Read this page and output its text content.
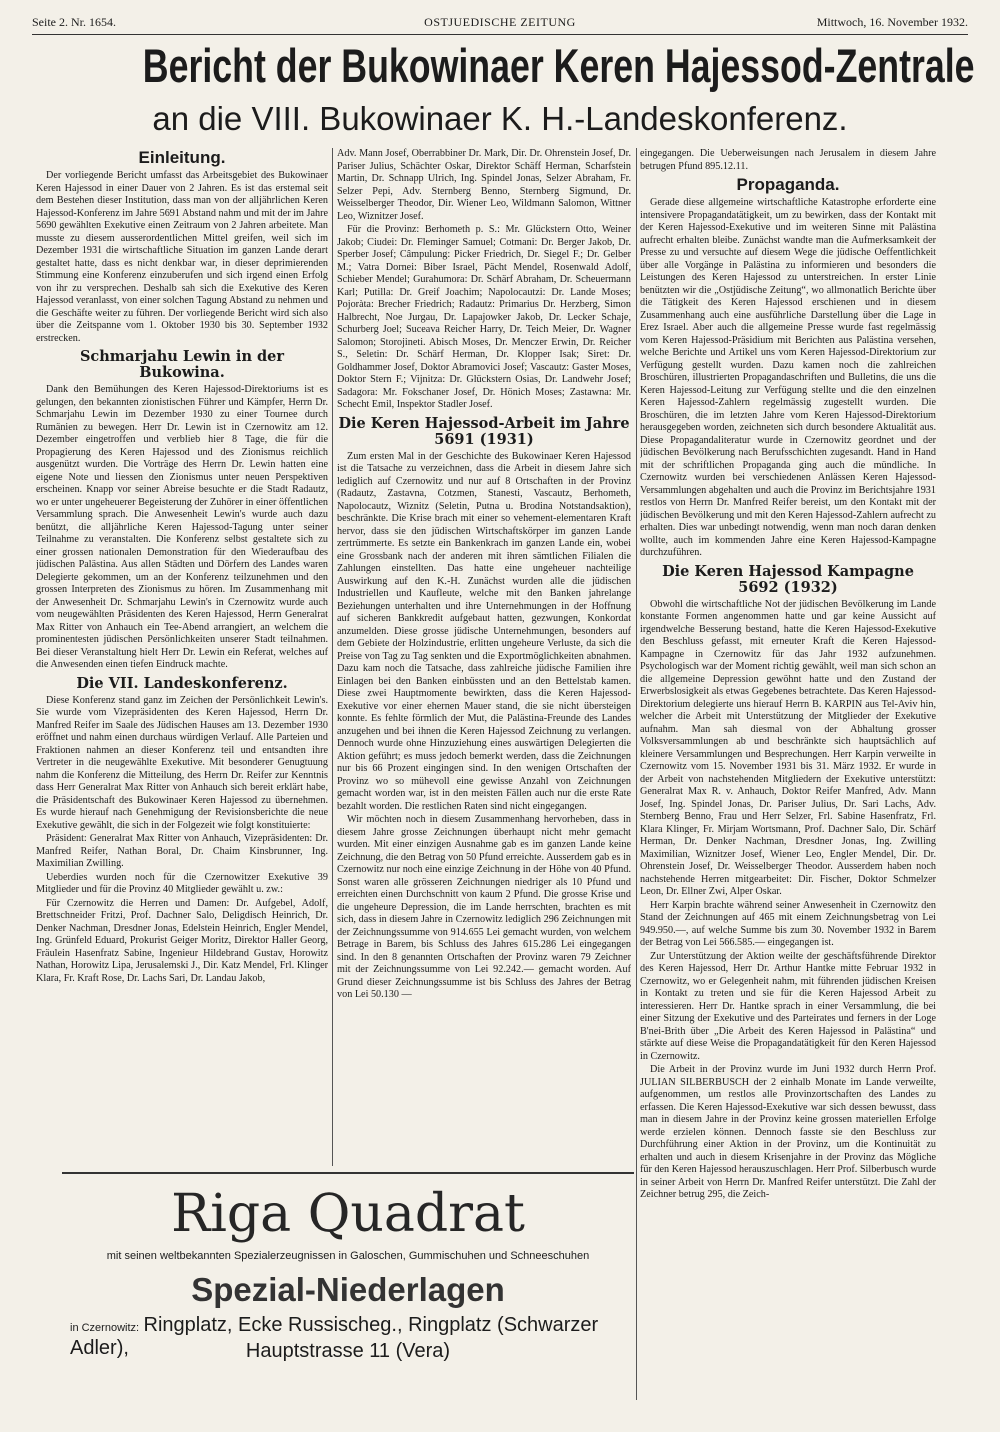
Seite 2. Nr. 1654.	OSTJUEDISCHE ZEITUNG	Mittwoch, 16. November 1932.
Bericht der Bukowinaer Keren Hajessod-Zentrale
an die VIII. Bukowinaer K. H.-Landeskonferenz.
Einleitung.

Der vorliegende Bericht umfasst das Arbeitsgebiet des Bukowinaer Keren Hajessod in einer Dauer von 2 Jahren. Es ist das erstemal seit dem Bestehen dieser Institution, dass man von der alljährlichen Keren Hajessod-Konferenz im Jahre 5691 Abstand nahm und mit der im Jahre 5690 gewählten Exekutive einen Zeitraum von 2 Jahren arbeitete. Man musste zu diesem ausserordentlichen Mittel greifen, weil sich im Dezember 1931 die wirtschaftliche Situation im ganzen Lande derart gestaltet hatte, dass es nicht denkbar war, in dieser deprimierenden Stimmung eine Konferenz einzuberufen und sich irgend einen Erfolg von ihr zu versprechen. Deshalb sah sich die Exekutive des Keren Hajessod veranlasst, von einer solchen Tagung Abstand zu nehmen und die Geschäfte weiter zu führen. Der vorliegende Bericht wird sich also über die Zeitspanne vom 1. Oktober 1930 bis 30. September 1932 erstrecken.

Schmarjahu Lewin in der Bukowina.

Dank den Bemühungen des Keren Hajessod-Direktoriums ist es gelungen, den bekannten zionistischen Führer und Kämpfer, Herrn Dr. Schmarjahu Lewin im Dezember 1930 zu einer Tournee durch Rumänien zu bewegen. Herr Dr. Lewin ist in Czernowitz am 12. Dezember eingetroffen und verblieb hier 8 Tage, die für die Propagierung des Keren Hajessod und des Zionismus reichlich ausgenützt wurden. Die Vorträge des Herrn Dr. Lewin hatten eine eigene Note und liessen den Zionismus unter neuen Perspektiven erscheinen. Knapp vor seiner Abreise besuchte er die Stadt Radautz, wo er unter ungeheuerer Begeisterung der Zuhörer in einer öffentlichen Versammlung sprach. Die Anwesenheit Lewin's wurde auch dazu benützt, die alljährliche Keren Hajessod-Tagung unter seiner Teilnahme zu veranstalten. Die Konferenz selbst gestaltete sich zu einer grossen nationalen Demonstration für den Wiederaufbau des jüdischen Palästina. Aus allen Städten und Dörfern des Landes waren Delegierte gekommen, um an der Konferenz teilzunehmen und den grossen Interpreten des Zionismus zu hören. Im Zusammenhang mit der Anwesenheit Dr. Schmarjahu Lewin's in Czernowitz wurde auch vom neugewählten Präsidenten des Keren Hajessod, Herrn Generalrat Max Ritter von Anhauch ein Tee-Abend arrangiert, an welchem die prominentesten jüdischen Persönlichkeiten unserer Stadt teilnahmen. Bei dieser Veranstaltung hielt Herr Dr. Lewin ein Referat, welches auf die Anwesenden einen tiefen Eindruck machte.

Die VII. Landeskonferenz.

Diese Konferenz stand ganz im Zeichen der Persönlichkeit Lewin's. Sie wurde vom Vizepräsidenten des Keren Hajessod, Herrn Dr. Manfred Reifer im Saale des Jüdischen Hauses am 13. Dezember 1930 eröffnet und nahm einen durchaus würdigen Verlauf. Alle Parteien und Fraktionen nahmen an dieser Konferenz teil und entsandten ihre Vertreter in die neugewählte Exekutive. Mit besonderer Genugtuung nahm die Konferenz die Mitteilung, des Herrn Dr. Reifer zur Kenntnis dass Herr Generalrat Max Ritter von Anhauch sich bereit erklärt habe, die Präsidentschaft des Bukowinaer Keren Hajessod zu übernehmen. Es wurde hierauf nach Genehmigung der Revisionsberichte die neue Exekutive gewählt, die sich in der Folgezeit wie folgt konstituierte:

Präsident: Generalrat Max Ritter von Anhauch, Vizepräsidenten: Dr. Manfred Reifer, Nathan Boral, Dr. Chaim Kinsbrunner, Ing. Maximilian Zwilling.

Ueberdies wurden noch für die Czernowitzer Exekutive 39 Mitglieder und für die Provinz 40 Mitglieder gewählt u. zw.:

Für Czernowitz die Herren und Damen: Dr. Aufgebel, Adolf, Brettschneider Fritzi, Prof. Dachner Salo, Deligdisch Heinrich, Dr. Denker Nachman, Dresdner Jonas, Edelstein Heinrich, Engler Mendel, Ing. Grünfeld Eduard, Prokurist Geiger Moritz, Direktor Haller Georg, Fräulein Hasenfratz Sabine, Ingenieur Hildebrand Gustav, Horowitz Nathan, Horowitz Lipa, Jerusalemski J., Dir. Katz Mendel, Frl. Klinger Klara, Fr. Kraft Rose, Dr. Lachs Sari, Dr. Landau Jakob,

Adv. Mann Josef, Oberrabbiner Dr. Mark, Dir. Dr. Ohrenstein Josef, Dr. Pariser Julius, Schächter Oskar, Direktor Schäff Herman, Scharfstein Martin, Dr. Schnapp Ulrich, Ing. Spindel Jonas, Selzer Abraham, Fr. Selzer Pepi, Adv. Sternberg Benno, Sternberg Sigmund, Dr. Weisselberger Theodor, Dir. Wiener Leo, Wildmann Salomon, Wittner Leo, Wiznitzer Josef.

Für die Provinz: Berhometh p. S.: Mr. Glückstern Otto, Weiner Jakob; Ciudei: Dr. Fleminger Samuel; Cotmani: Dr. Berger Jakob, Dr. Sperber Josef; Câmpulung: Picker Friedrich, Dr. Siegel F.; Dr. Gelber M.; Vatra Dornei: Biber Israel, Pächt Mendel, Rosenwald Adolf, Schieber Mendel; Gurahumora: Dr. Schärf Abraham, Dr. Scheuermann Karl; Putilla: Dr. Greif Joachim; Napolocautzi: Dr. Lande Moses; Pojoràta: Brecher Friedrich; Radautz: Primarius Dr. Herzberg, Simon Halbrecht, Noe Jurgau, Dr. Lapajowker Jakob, Dr. Lecker Schaje, Schurberg Joel; Suceava Reicher Harry, Dr. Teich Meier, Dr. Wagner Salomon; Storojineti. Abisch Moses, Dr. Menczer Erwin, Dr. Reicher S., Seletin: Dr. Schärf Herman, Dr. Klopper Isak; Siret: Dr. Goldhammer Josef, Doktor Abramovici Josef; Vascautz: Gaster Moses, Doktor Stern F.; Vijnitza: Dr. Glückstern Osias, Dr. Landwehr Josef; Sadagora: Mr. Fokschaner Josef, Dr. Hönich Moses; Zastawna: Mr. Schecht Emil, Inspektor Stadler Josef.

Die Keren Hajessod-Arbeit im Jahre 5691 (1931)

Zum ersten Mal in der Geschichte des Bukowinaer Keren Hajessod ist die Tatsache zu verzeichnen, dass die Arbeit in diesem Jahre sich lediglich auf Czernowitz und nur auf 8 Ortschaften in der Provinz (Radautz, Zastavna, Cotzmen, Stanesti, Vascautz, Berhometh, Napolocautz, Wiznitz (Seletin, Putna u. Brodina Notstandsaktion), beschränkte. Die Krise brach mit einer so vehement-elementaren Kraft hervor, dass sie den jüdischen Wirtschaftskörper im ganzen Lande zertrümmerte. Es setzte ein Bankenkrach im ganzen Lande ein, wobei eine Grossbank nach der anderen mit ihren sämtlichen Filialen die Zahlungen einstellten. Das hatte eine ungeheuer nachteilige Auswirkung auf den K.-H. Zunächst wurden alle die jüdischen Industriellen und Kaufleute, welche mit den Banken jahrelange Beziehungen unterhalten und ihre Unternehmungen in der Hoffnung auf sicheren Bankkredit aufgebaut hatten, gezwungen, Konkordat anzumelden. Diese grosse jüdische Unternehmungen, besonders auf dem Gebiete der Holzindustrie, erlitten ungeheure Verluste, da sich die Preise von Tag zu Tag senkten und die Exportmöglichkeiten abnahmen. Dazu kam noch die Tatsache, dass zahlreiche jüdische Familien ihre Einlagen bei den Banken einbüssten und an den Bettelstab kamen. Diese zwei Hauptmomente bewirkten, dass die Keren Hajessod-Exekutive vor einer ehernen Mauer stand, die sie nicht übersteigen konnte. Es fehlte förmlich der Mut, die Palästina-Freunde des Landes anzugehen und bei ihnen die Keren Hajessod Zeichnung zu verlangen. Dennoch wurde ohne Hinzuziehung eines auswärtigen Delegierten die Aktion geführt; es muss jedoch bemerkt werden, dass die Zeichnungen nur bis 66 Prozent eingingen sind. In den wenigen Ortschaften der Provinz wo so mühevoll eine gewisse Anzahl von Zeichnungen gemacht worden war, ist in den meisten Fällen auch nur die erste Rate bezahlt worden. Die restlichen Raten sind nicht eingegangen.

Wir möchten noch in diesem Zusammenhang hervorheben, dass in diesem Jahre grosse Zeichnungen überhaupt nicht mehr gemacht wurden. Mit einer einzigen Ausnahme gab es im ganzen Lande keine Zeichnung, die den Betrag von 50 Pfund erreichte. Ausserdem gab es in Czernowitz nur noch eine einzige Zeichnung in der Höhe von 40 Pfund. Sonst waren alle grösseren Zeichnungen niedriger als 10 Pfund und erreichten einen Durchschnitt von kaum 2 Pfund. Die grosse Krise und die ungeheure Depression, die im Lande herrschten, brachten es mit sich, dass in diesem Jahre in Czernowitz lediglich 296 Zeichnungen mit der Zeichnungssumme von 914.655 Lei gemacht wurden, von welchem Betrage in Barem, bis Schluss des Jahres 615.286 Lei eingegangen sind. In den 8 genannten Ortschaften der Provinz waren 79 Zeichner mit der Zeichnungssumme von Lei 92.242.— gemacht worden. Auf Grund dieser Zeichnungssumme ist bis Schluss des Jahres der Betrag von Lei 50.130 —

eingegangen. Die Ueberweisungen nach Jerusalem in diesem Jahre betrugen Pfund 895.12.11.

Propaganda.

Gerade diese allgemeine wirtschaftliche Katastrophe erforderte eine intensivere Propagandatätigkeit, um zu bewirken, dass der Kontakt mit der Keren Hajessod-Exekutive und im weiteren Sinne mit Palästina aufrecht erhalten bleibe. Zunächst wandte man die Aufmerksamkeit der Presse zu und versuchte auf diesem Wege die jüdische Oeffentlichkeit über alle Vorgänge in Palästina zu informieren und besonders die Leistungen des Keren Hajessod zu unterstreichen. In erster Linie benützten wir die „Ostjüdische Zeitung“, wo allmonatlich Berichte über die Tätigkeit des Keren Hajessod erschienen und in diesem Zusammenhang auch eine ausführliche Darstellung über die Lage in Erez Israel. Aber auch die allgemeine Presse wurde fast regelmässig vom Keren Hajessod-Präsidium mit Berichten aus Palästina versehen, welche Berichte und Artikel uns vom Keren Hajessod-Direktorium zur Verfügung gestellt wurden. Dazu kamen noch die zahlreichen Broschüren, illustrierten Propagandaschriften und Bulletins, die uns die Keren Hajessod-Leitung zur Verfügung stellte und die den einzelnen Keren Hajessod-Zahlern regelmässig zugestellt wurden. Die Broschüren, die im letzten Jahre vom Keren Hajessod-Direktorium herausgegeben worden, zeichneten sich durch besondere Aktualität aus. Diese Propagandaliteratur wurde in Czernowitz geordnet und der jüdischen Bevölkerung nach Berufsschichten zugesandt. Hand in Hand mit der schriftlichen Propaganda ging auch die mündliche. In Czernowitz wurden bei verschiedenen Anlässen Keren Hajessod-Versammlungen abgehalten und auch die Provinz im Berichtsjahre 1931 restlos von Herrn Dr. Manfred Reifer bereist, um den Kontakt mit der jüdischen Bevölkerung und mit den Keren Hajessod-Zahlern aufrecht zu erhalten. Dies war unbedingt notwendig, wenn man noch daran denken wollte, auch im kommenden Jahre eine Keren Hajessod-Kampagne durchzuführen.

Die Keren Hajessod Kampagne 5692 (1932)

Obwohl die wirtschaftliche Not der jüdischen Bevölkerung im Lande konstante Formen angenommen hatte und gar keine Aussicht auf irgendwelche Besserung bestand, hatte die Keren Hajessod-Exekutive den Beschluss gefasst, mit erneuter Kraft die Keren Hajessod-Kampagne in Czernowitz für das Jahr 1932 aufzunehmen. Psychologisch war der Moment richtig gewählt, weil man sich schon an die allgemeine Depression gewöhnt hatte und den Zustand der Erwerbslosigkeit als etwas Gegebenes betrachtete. Das Keren Hajessod-Direktorium delegierte uns hierauf Herrn B. KARPIN aus Tel-Aviv hin, welcher die Arbeit mit Unterstützung der Mitglieder der Exekutive aufnahm. Man sah diesmal von der Abhaltung grosser Volksversammlungen ab und beschränkte sich hauptsächlich auf kleinere Versammlungen und Besprechungen. Herr Karpin verweilte in Czernowitz vom 15. November 1931 bis 31. März 1932. Er wurde in der Arbeit von nachstehenden Mitgliedern der Exekutive unterstützt: Generalrat Max R. v. Anhauch, Doktor Reifer Manfred, Adv. Mann Josef, Ing. Spindel Jonas, Dr. Pariser Julius, Dr. Sari Lachs, Adv. Sternberg Benno, Frau und Herr Selzer, Frl. Sabine Hasenfratz, Frl. Klara Klinger, Fr. Mirjam Wortsmann, Prof. Dachner Salo, Dir. Schärf Herman, Dr. Denker Nachman, Dresdner Jonas, Ing. Zwilling Maximilian, Wiznitzer Josef, Wiener Leo, Engler Mendel, Dir. Dr. Ohrenstein Josef, Dr. Weisselberger Theodor. Ausserdem haben noch nachstehende Herren mitgearbeitet: Dir. Fischer, Doktor Schmelzer Leon, Dr. Ellner Zwi, Alper Oskar.

Herr Karpin brachte während seiner Anwesenheit in Czernowitz den Stand der Zeichnungen auf 465 mit einem Zeichnungsbetrag von Lei 949.950.—, auf welche Summe bis zum 30. November 1932 in Barem der Betrag von Lei 566.585.— eingegangen ist.

Zur Unterstützung der Aktion weilte der geschäftsführende Direktor des Keren Hajessod, Herr Dr. Arthur Hantke mitte Februar 1932 in Czernowitz, wo er Gelegenheit nahm, mit führenden jüdischen Kreisen in Kontakt zu treten und sie für die Keren Hajessod Arbeit zu interessieren. Herr Dr. Hantke sprach in einer Versammlung, die bei einer Sitzung der Exekutive und des Parteirates und ferners in der Loge B'nei-Brith über „Die Arbeit des Keren Hajessod in Palästina“ und stärkte auf diese Weise die Propagandatätigkeit für den Keren Hajessod in Czernowitz.

Die Arbeit in der Provinz wurde im Juni 1932 durch Herrn Prof. JULIAN SILBERBUSCH der 2 einhalb Monate im Lande verweilte, aufgenommen, um restlos alle Provinzortschaften des Landes zu erfassen. Die Keren Hajessod-Exekutive war sich dessen bewusst, dass man in diesem Jahre in der Provinz keine grossen materiellen Erfolge werde erzielen können. Dennoch fasste sie den Beschluss zur Durchführung einer Aktion in der Provinz, um die Kontinuität zu erhalten und auch in diesem Krisenjahre in der Provinz das Mögliche für den Keren Hajessod herauszuschlagen. Herr Prof. Silberbusch wurde in seiner Arbeit von Herrn Dr. Manfred Reifer unterstützt. Die Zahl der Zeichner betrug 295, die Zeich-

Riga Quadrat
mit seinen weltbekannten Spezialerzeugnissen in Galoschen, Gummischuhen und Schneeschuhen
Spezial-Niederlagen
in Czernowitz: Ringplatz, Ecke Russischeg., Ringplatz (Schwarzer Adler),	Hauptstrasse 11 (Vera)
